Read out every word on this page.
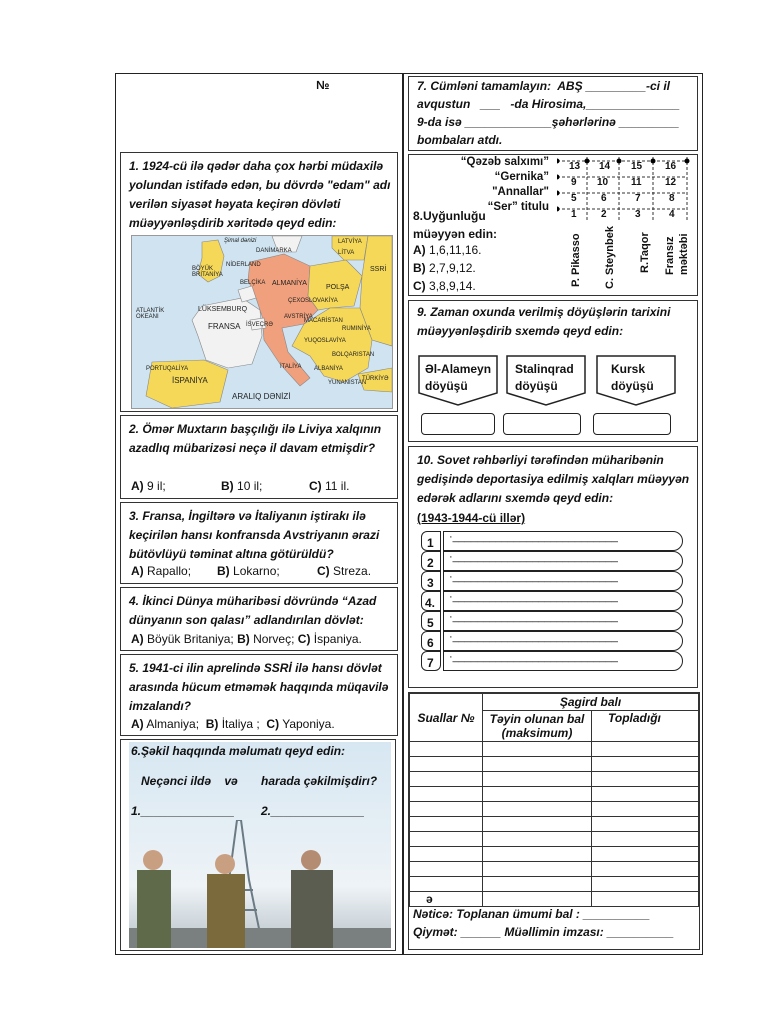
№
1. 1924-cü ilə qədər daha çox hərbi müdaxilə yolundan istifadə edən, bu dövrdə "edam" adı verilən siyasət həyata keçirən dövləti müəyyənləşdirib xəritədə qeyd edin:
Şimal dənizi
DANİMARKA
LATVİYA
LİTVA
NİDERLAND
BÖYÜK BRİTANİYA
ALMANİYA
POLŞA
SSRİ
BELÇİKA
LÜKSEMBURQ
ÇEXOSLOVAKİYA
AVSTRİYA
MACARİSTAN
FRANSA İSVEÇRƏ
RUMINİYA
ATLANTİK OKEANI
YUQOSLAVİYA
BOLQARISTAN
PORTUQALİYA
İSPANİYA
İTALİYA ALBANİYA
YUNANISTAN
TÜRKİYƏ
ARALIQ DƏNİZİ
2. Ömər Muxtarın başçılığı ilə Liviya xalqının azadlıq mübarizəsi neçə il davam etmişdir?
A) 9 il;	B) 10 il;	C) 11 il.
3. Fransa, İngiltərə və İtaliyanın iştirakı ilə keçirilən hansı konfransda Avstriyanın ərazi bütövlüyü təminat altına götürüldü?
A) Rapallo; B) Lokarno;	C) Streza.
4. İkinci Dünya müharibəsi dövründə “Azad dünyanın son qalası” adlandırılan dövlət:
A) Böyük Britaniya; B) Norveç; C) İspaniya.
5. 1941-ci ilin aprelində SSRİ ilə hansı dövlət arasında hücum etməmək haqqında müqavilə imzalandı?
A) Almaniya; B) İtaliya ; C) Yaponiya.
6.Şəkil haqqında məlumatı qeyd edin:
Neçənci ildə    və       harada çəkilmişdirı?
1.______________ 2.______________
7. Cümləni tamamlayın:  ABŞ _________-ci il
avqustun   ___   -da Hirosima,______________
9-da isə _____________şəhərlərinə _________
bombaları atdı.
“Qəzəb salxımı”
“Gernika”
"Annallar"
“Ser” titulu
13 14 15 16
9 10 11 12
5 6	7	8
1 2	3	4
8.Uyğunluğu
müəyyən edin:
A) 1,6,11,16.
B) 2,7,9,12.
C) 3,8,9,14.	P. Pikasso C. Steynbek R.Taqor Fransız məktəbi
9. Zaman oxunda verilmiş döyüşlərin tarixini müəyyənləşdirib sxemdə qeyd edin:
Əl-Alameyn
döyüşü
Stalinqrad
döyüşü
Kursk
döyüşü
10. Sovet rəhbərliyi tərəfindən müharibənin gedişində deportasiya edilmiş xalqları müəyyən edərək adlarını sxemdə qeyd edin:
(1943-1944-cü illər)
1 ·___________________________
2 ·___________________________
3 ·___________________________
4. ·___________________________
5 ·___________________________
6 ·___________________________
7 ·___________________________
Suallar №	Şagird balı	
	Təyin olunan bal (maksimum)	Topladığı

ə		
Nəticə: Toplanan ümumi bal : __________
Qiymət: ______ Müəllimin imzası: __________
